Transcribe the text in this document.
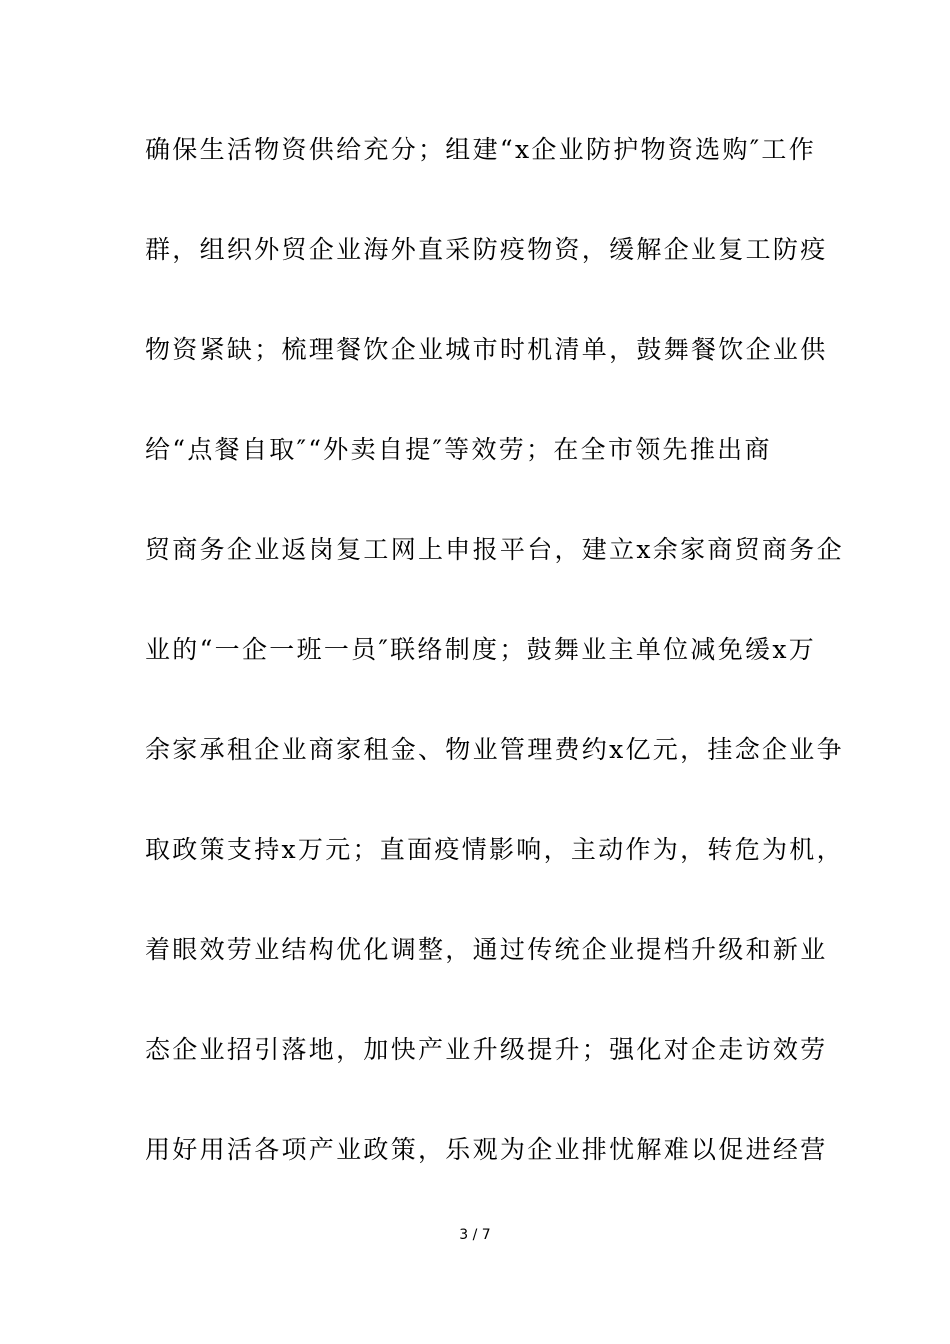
确保生活物资供给充分；组建“x企业防护物资选购″工作
群，组织外贸企业海外直采防疫物资，缓解企业复工防疫
物资紧缺；梳理餐饮企业城市时机清单，鼓舞餐饮企业供
给“点餐自取″“外卖自提″等效劳；在全市领先推出商
贸商务企业返岗复工网上申报平台，建立x余家商贸商务企
业的“一企一班一员″联络制度；鼓舞业主单位减免缓x万
余家承租企业商家租金、物业管理费约x亿元，挂念企业争
取政策支持x万元；直面疫情影响，主动作为，转危为机，
着眼效劳业结构优化调整，通过传统企业提档升级和新业
态企业招引落地，加快产业升级提升；强化对企走访效劳
用好用活各项产业政策，乐观为企业排忧解难以促进经营
3 / 7
